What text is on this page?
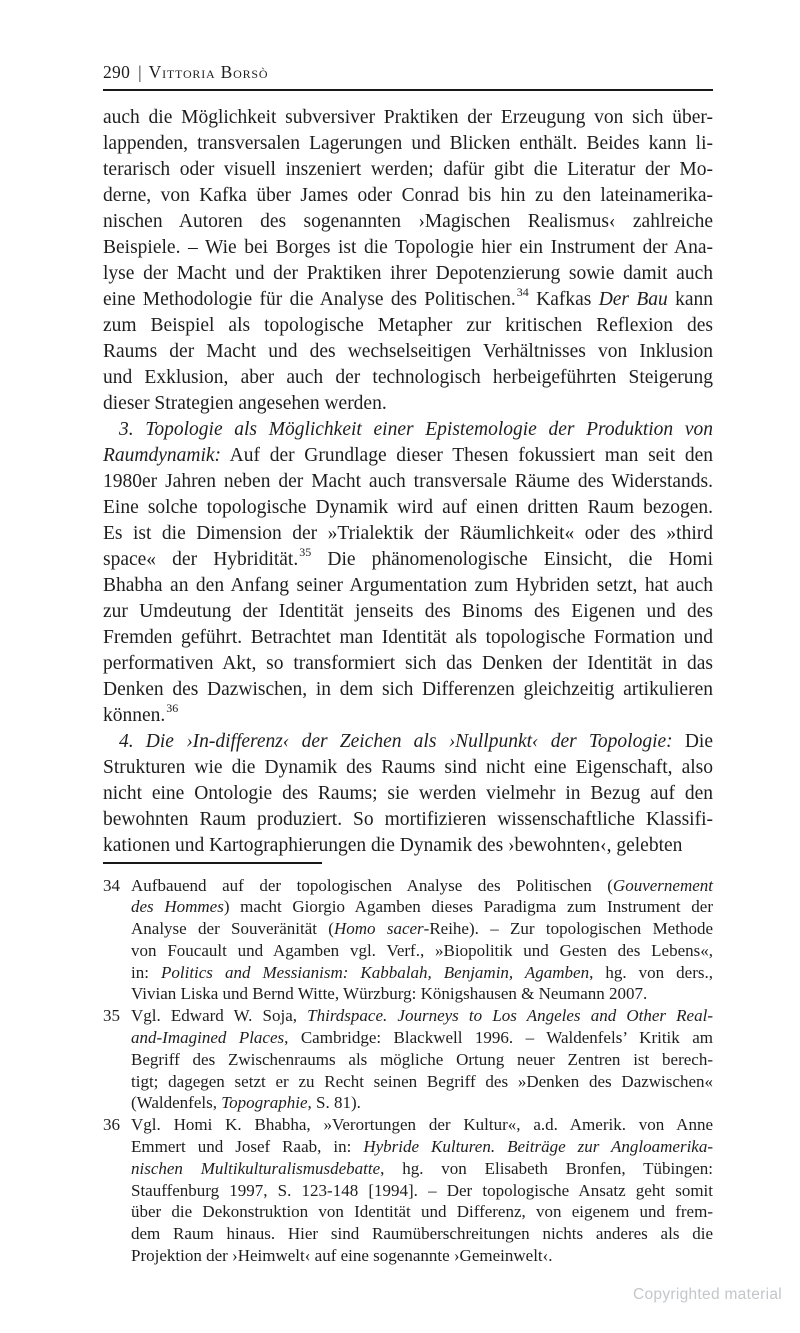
290 | Vittoria Borsò
auch die Möglichkeit subversiver Praktiken der Erzeugung von sich über-
lappenden, transversalen Lagerungen und Blicken enthält. Beides kann li-
terarisch oder visuell inszeniert werden; dafür gibt die Literatur der Mo-
derne, von Kafka über James oder Conrad bis hin zu den lateinamerika-
nischen Autoren des sogenannten ›Magischen Realismus‹ zahlreiche
Beispiele. – Wie bei Borges ist die Topologie hier ein Instrument der Ana-
lyse der Macht und der Praktiken ihrer Depotenzierung sowie damit auch
eine Methodologie für die Analyse des Politischen.$^{34}$ Kafkas Der Bau kann
zum Beispiel als topologische Metapher zur kritischen Reflexion des
Raums der Macht und des wechselseitigen Verhältnisses von Inklusion
und Exklusion, aber auch der technologisch herbeigeführten Steigerung
dieser Strategien angesehen werden.
3. Topologie als Möglichkeit einer Epistemologie der Produktion von
Raumdynamik: Auf der Grundlage dieser Thesen fokussiert man seit den
1980er Jahren neben der Macht auch transversale Räume des Widerstands.
Eine solche topologische Dynamik wird auf einen dritten Raum bezogen.
Es ist die Dimension der »Trialektik der Räumlichkeit« oder des »third
space« der Hybridität.$^{35}$ Die phänomenologische Einsicht, die Homi
Bhabha an den Anfang seiner Argumentation zum Hybriden setzt, hat auch
zur Umdeutung der Identität jenseits des Binoms des Eigenen und des
Fremden geführt. Betrachtet man Identität als topologische Formation und
performativen Akt, so transformiert sich das Denken der Identität in das
Denken des Dazwischen, in dem sich Differenzen gleichzeitig artikulieren
können.$^{36}$
4. Die ›In-differenz‹ der Zeichen als ›Nullpunkt‹ der Topologie: Die
Strukturen wie die Dynamik des Raums sind nicht eine Eigenschaft, also
nicht eine Ontologie des Raums; sie werden vielmehr in Bezug auf den
bewohnten Raum produziert. So mortifizieren wissenschaftliche Klassifi-
kationen und Kartographierungen die Dynamik des ›bewohnten‹, gelebten
34 Aufbauend auf der topologischen Analyse des Politischen (Gouvernement
des Hommes) macht Giorgio Agamben dieses Paradigma zum Instrument der
Analyse der Souveränität (Homo sacer-Reihe). – Zur topologischen Methode
von Foucault und Agamben vgl. Verf., »Biopolitik und Gesten des Lebens«,
in: Politics and Messianism: Kabbalah, Benjamin, Agamben, hg. von ders.,
Vivian Liska und Bernd Witte, Würzburg: Königshausen & Neumann 2007.
35 Vgl. Edward W. Soja, Thirdspace. Journeys to Los Angeles and Other Real-
and-Imagined Places, Cambridge: Blackwell 1996. – Waldenfels’ Kritik am
Begriff des Zwischenraums als mögliche Ortung neuer Zentren ist berech-
tigt; dagegen setzt er zu Recht seinen Begriff des »Denken des Dazwischen«
(Waldenfels, Topographie, S. 81).
36 Vgl. Homi K. Bhabha, »Verortungen der Kultur«, a.d. Amerik. von Anne
Emmert und Josef Raab, in: Hybride Kulturen. Beiträge zur Angloamerika-
nischen Multikulturalismusdebatte, hg. von Elisabeth Bronfen, Tübingen:
Stauffenburg 1997, S. 123-148 [1994]. – Der topologische Ansatz geht somit
über die Dekonstruktion von Identität und Differenz, von eigenem und frem-
dem Raum hinaus. Hier sind Raumüberschreitungen nichts anderes als die
Projektion der ›Heimwelt‹ auf eine sogenannte ›Gemeinwelt‹.
Copyrighted material
